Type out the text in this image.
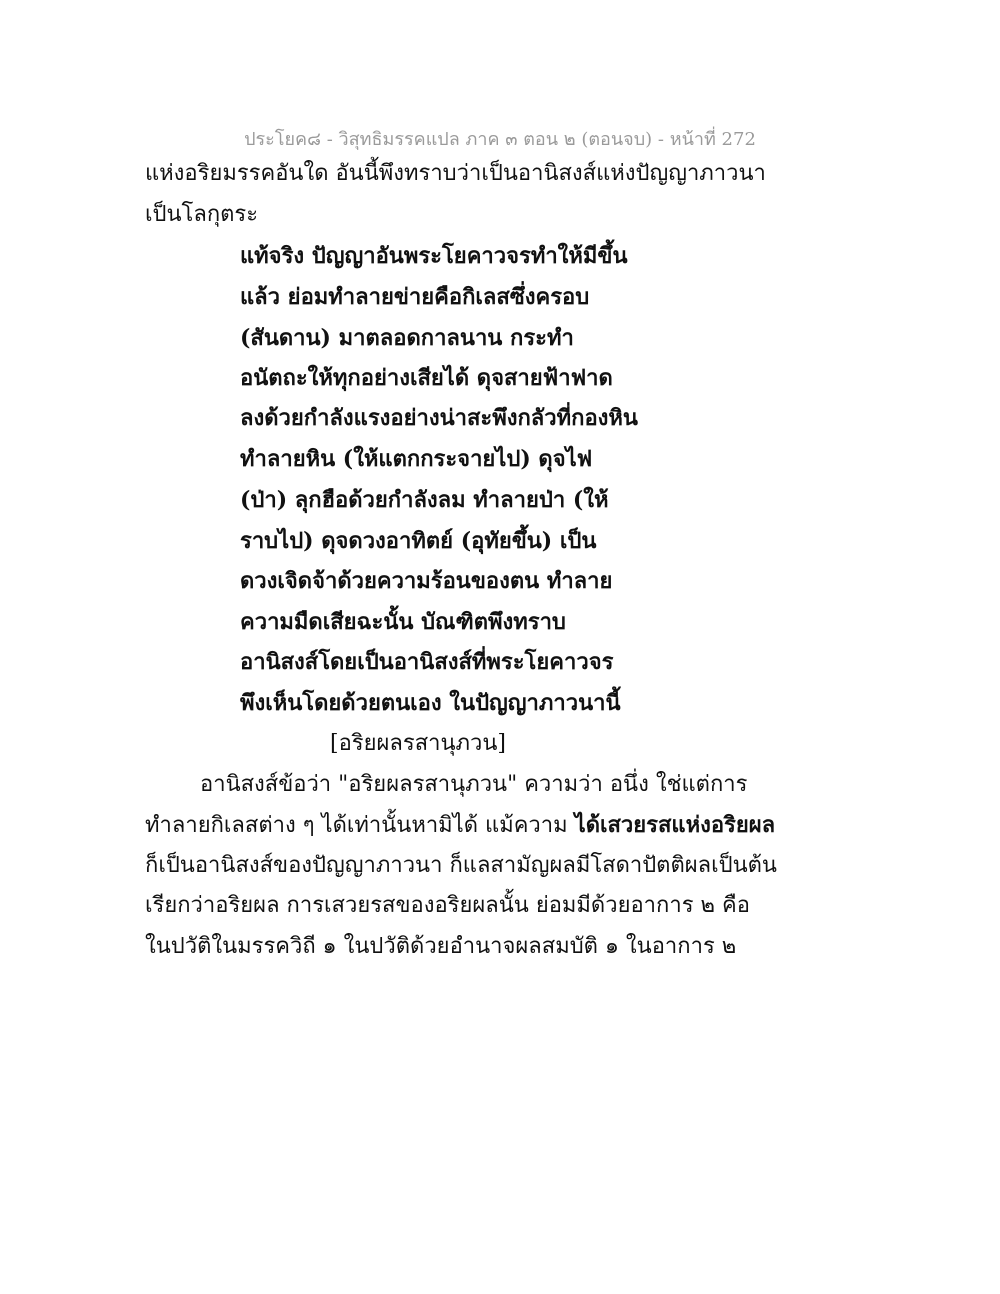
ประโยค๘ - วิสุทธิมรรคแปล ภาค ๓ ตอน ๒ (ตอนจบ) - หน้าที่ 272
แห่งอริยมรรคอันใด อันนี้พึงทราบว่าเป็นอานิสงส์แห่งปัญญาภาวนา
เป็นโลกุตระ
แท้จริง ปัญญาอันพระโยคาวจรทำให้มีขึ้น
แล้ว ย่อมทำลายข่ายคือกิเลสซึ่งครอบ
(สันดาน) มาตลอดกาลนาน กระทำ
อนัตถะให้ทุกอย่างเสียได้ ดุจสายฟ้าฟาด
ลงด้วยกำลังแรงอย่างน่าสะพึงกลัวที่กองหิน
ทำลายหิน (ให้แตกกระจายไป) ดุจไฟ
(ป่า) ลุกฮือด้วยกำลังลม ทำลายป่า (ให้
ราบไป) ดุจดวงอาทิตย์ (อุทัยขึ้น) เป็น
ดวงเจิดจ้าด้วยความร้อนของตน ทำลาย
ความมืดเสียฉะนั้น บัณฑิตพึงทราบ
อานิสงส์โดยเป็นอานิสงส์ที่พระโยคาวจร
พึงเห็นโดยด้วยตนเอง ในปัญญาภาวนานี้
[อริยผลรสานุภวน]
อานิสงส์ข้อว่า "อริยผลรสานุภวน" ความว่า อนึ่ง ใช่แต่การ
ทำลายกิเลสต่าง ๆ ได้เท่านั้นหามิได้ แม้ความ ได้เสวยรสแห่งอริยผล
ก็เป็นอานิสงส์ของปัญญาภาวนา ก็แลสามัญผลมีโสดาปัตติผลเป็นต้น
เรียกว่าอริยผล การเสวยรสของอริยผลนั้น ย่อมมีด้วยอาการ ๒ คือ
ในปวัติในมรรควิถี ๑ ในปวัติด้วยอำนาจผลสมบัติ ๑ ในอาการ ๒
